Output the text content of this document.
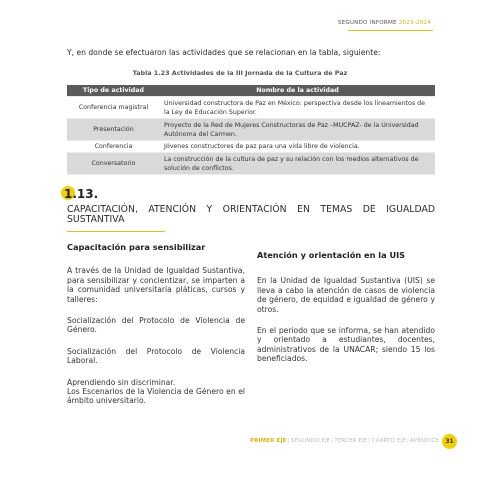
SEGUNDO INFORME 2023-2024
Y, en donde se efectuaron las actividades que se relacionan en la tabla, siguiente:
Tabla 1.23 Actividades de la III Jornada de la Cultura de Paz
Tipo de actividad	Nombre de la actividad
Conferencia magistral	Universidad constructora de Paz en México: perspectiva desde los lineamientos de la Ley de Educación Superior.
Presentación	Proyecto de la Red de Mujeres Constructoras de Paz –MUCPAZ- de la Universidad Autónoma del Carmen.
Conferencia	Jóvenes constructores de paz para una vida libre de violencia.
Conversatorio	La construcción de la cultura de paz y su relación con los medios alternativos de solución de conflictos.
1.13.
CAPACITACIÓN, ATENCIÓN Y ORIENTACIÓN EN TEMAS DE IGUALDAD SUSTANTIVA
Capacitación para sensibilizar

A través de la Unidad de Igualdad Sustantiva, para sensibilizar y concientizar, se imparten a la comunidad universitaria pláticas, cursos y talleres:

Socialización del Protocolo de Violencia de Género.

Socialización del Protocolo de Violencia Laboral.

Aprendiendo sin discriminar.

Los Escenarios de la Violencia de Género en el ámbito universitario.

Atención y orientación en la UIS

En la Unidad de Igualdad Sustantiva (UIS) se lleva a cabo la atención de casos de violencia de género, de equidad e igualdad de género y otros.

En el periodo que se informa, se han atendido y orientado a estudiantes, docentes, administrativos de la UNACAR; siendo 15 los beneficiados.

PRIMER EJE|SEGUNDO EJE|TERCER EJE|CUARTO EJE|APÉNDICE	31
